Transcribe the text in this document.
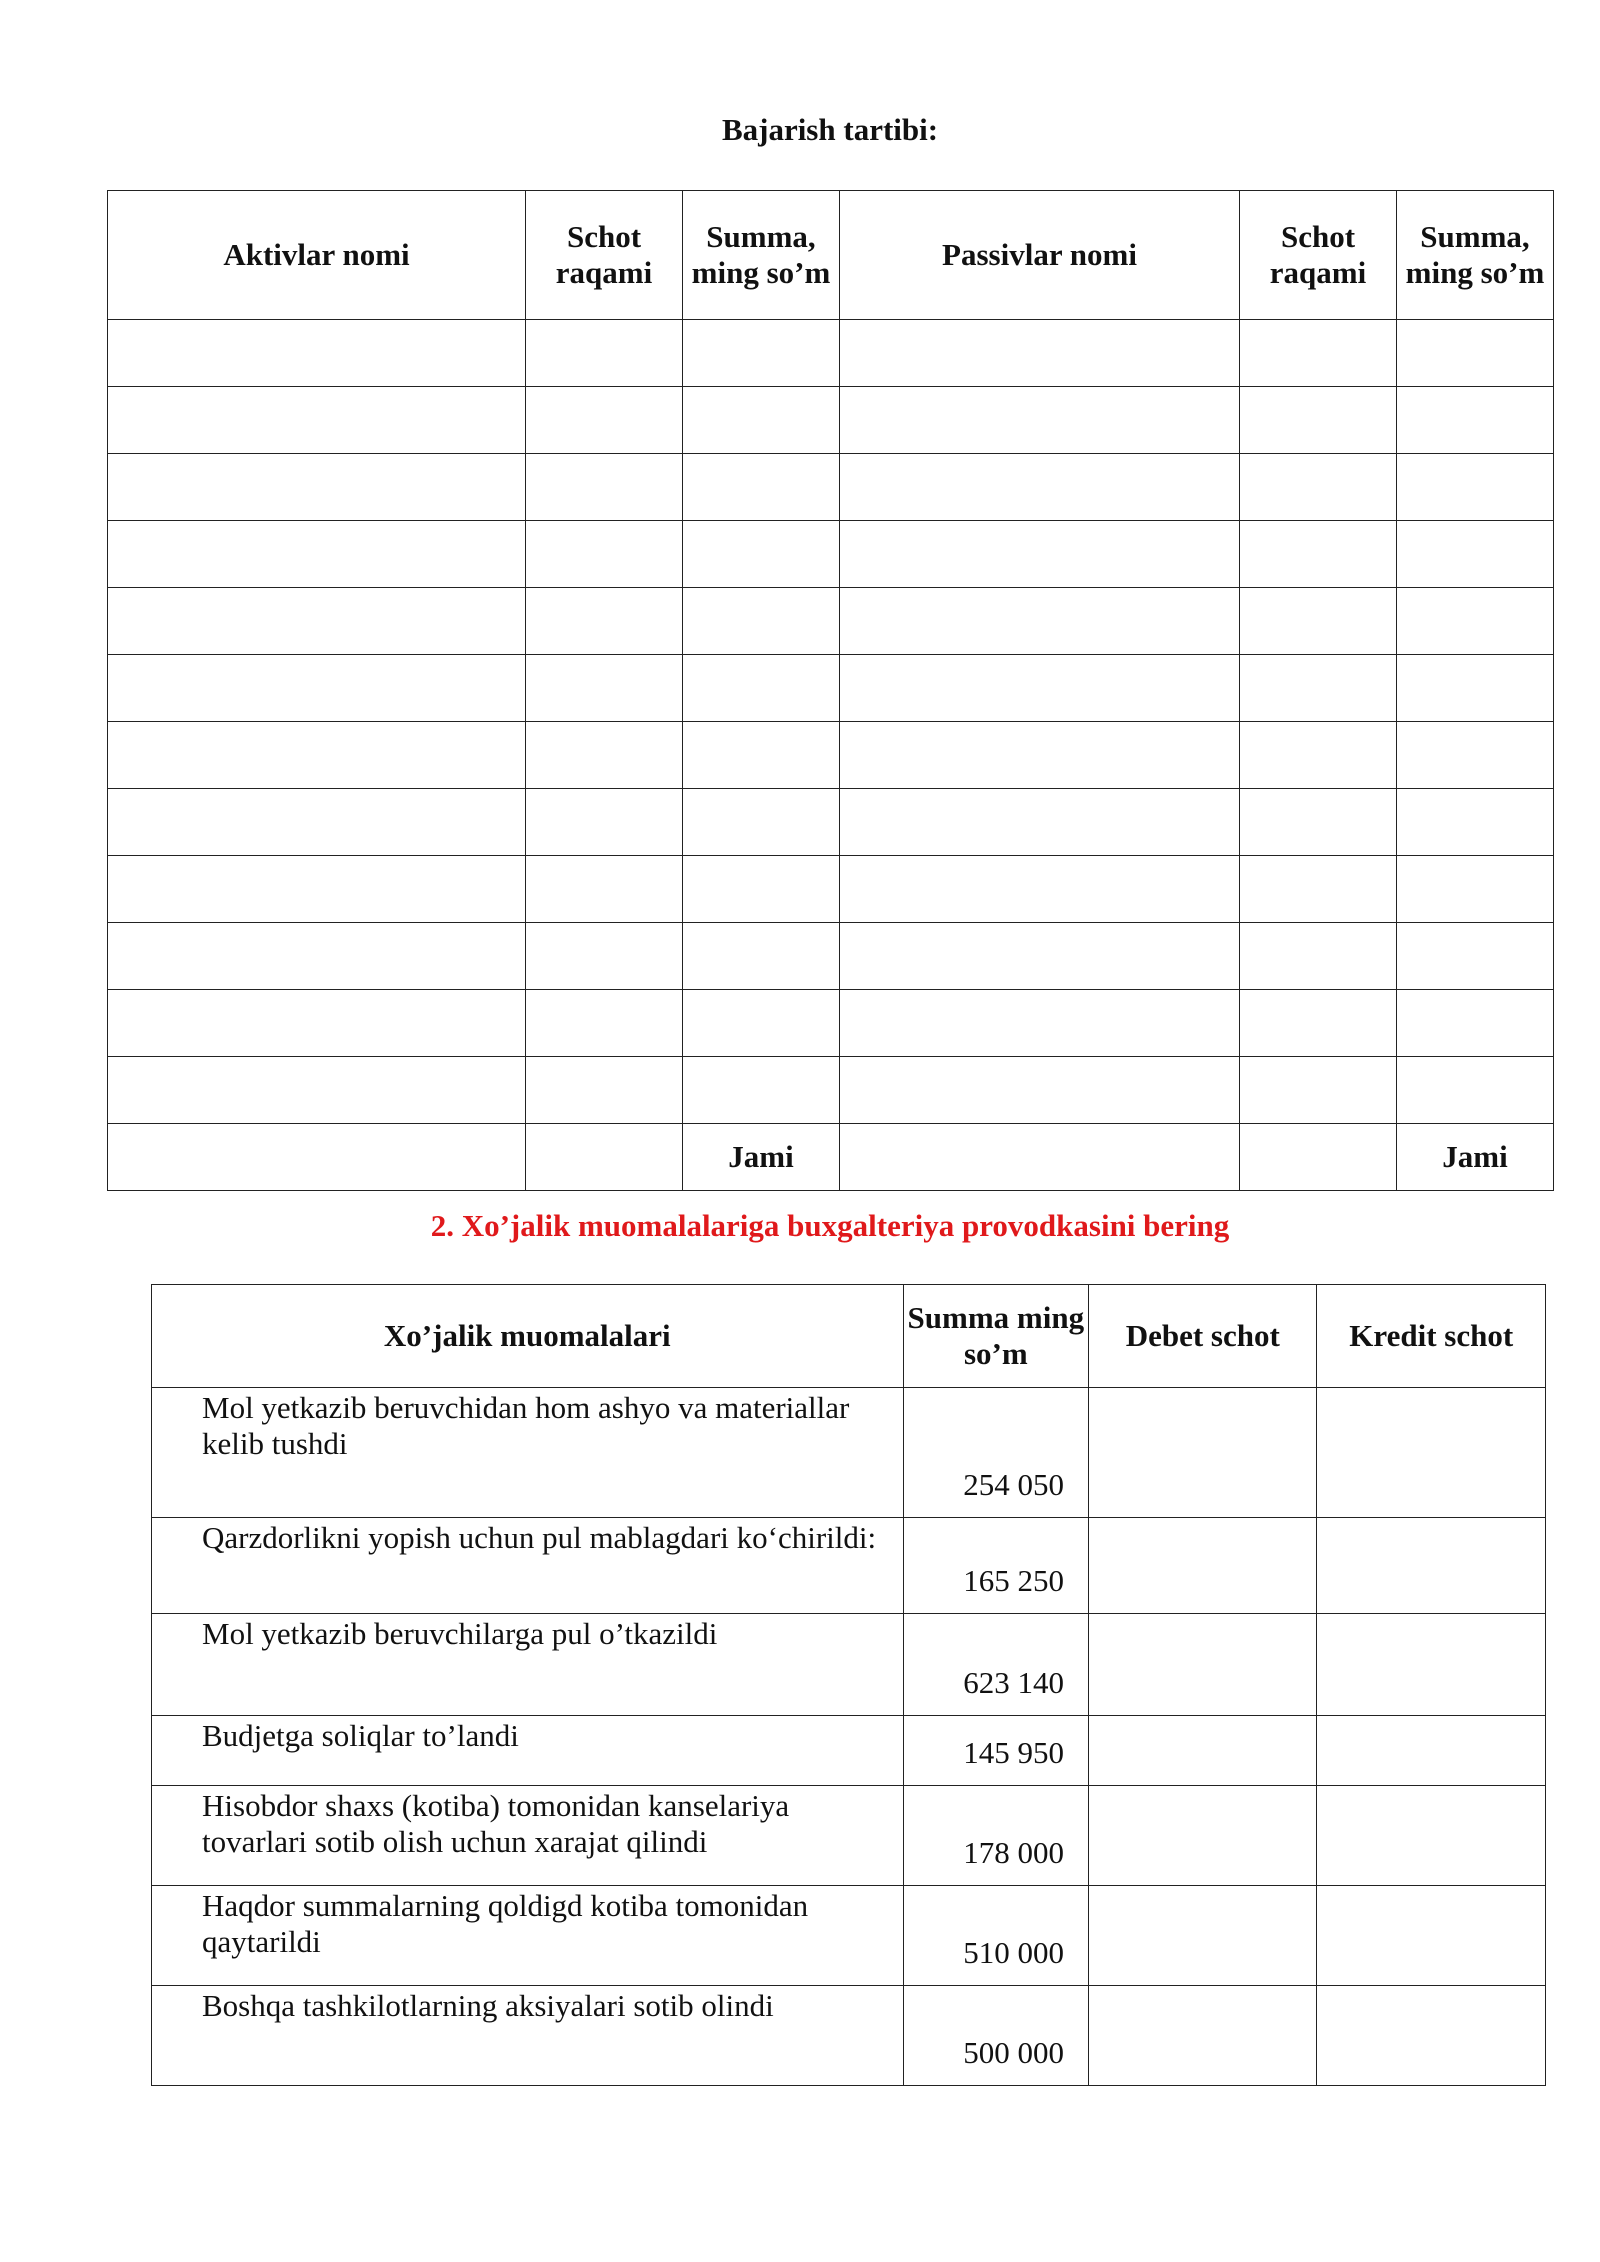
Bajarish tartibi:
Aktivlar nomi	Schot raqami	Summa, ming so’m	Passivlar nomi	Schot raqami	Summa, ming so’m

		Jami			Jami
2. Xo’jalik muomalalariga buxgalteriya provodkasini bering
Xo’jalik muomalalari	Summa ming so’m	Debet schot	Kredit schot
Mol yetkazib beruvchidan hom ashyo va materiallar kelib tushdi	254 050		
Qarzdorlikni yopish uchun pul mablagdari ko‘chirildi:	165 250		
Mol yetkazib beruvchilarga pul o’tkazildi	623 140		
Budjetga soliqlar to’landi	145 950		
Hisobdor shaxs (kotiba) tomonidan kanselariya tovarlari sotib olish uchun xarajat qilindi	178 000		
Haqdor summalarning qoldigd kotiba tomonidan qaytarildi	510 000		
Boshqa tashkilotlarning aksiyalari sotib olindi	500 000		
